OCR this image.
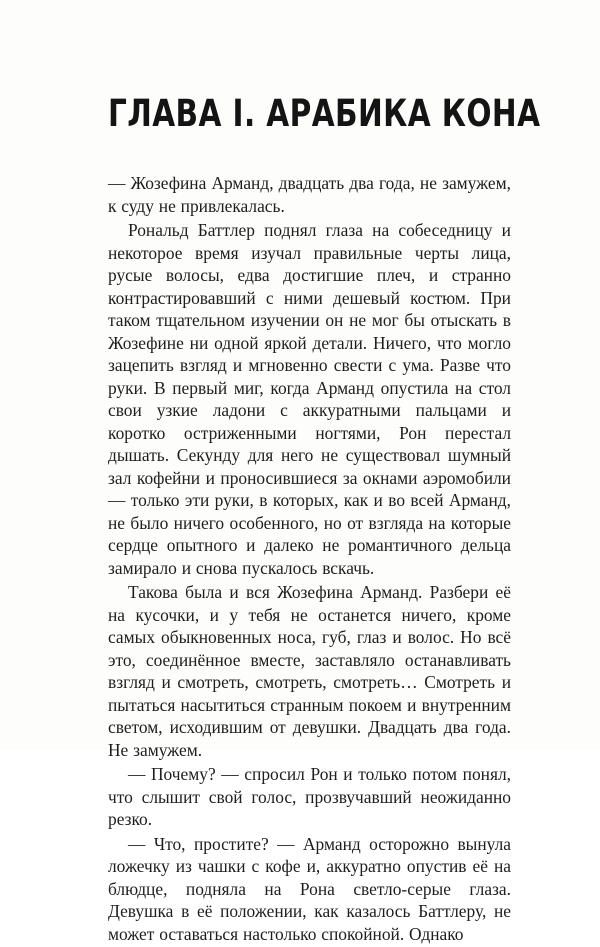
ГЛАВА I. АРАБИКА КОНА

— Жозефина Арманд, двадцать два года, не замужем, к суду не привлекалась.

Рональд Баттлер поднял глаза на собеседницу и некоторое время изучал правильные черты лица, русые волосы, едва достигшие плеч, и странно контрастировавший с ними дешевый костюм. При таком тщательном изучении он не мог бы отыскать в Жозефине ни одной яркой детали. Ничего, что могло зацепить взгляд и мгновенно свести с ума. Разве что руки. В первый миг, когда Арманд опустила на стол свои узкие ладони с аккуратными пальцами и коротко остриженными ногтями, Рон перестал дышать. Секунду для него не существовал шумный зал кофейни и проносившиеся за окнами аэромобили — только эти руки, в которых, как и во всей Арманд, не было ничего особенного, но от взгляда на которые сердце опытного и далеко не романтичного дельца замирало и снова пускалось вскачь.

Такова была и вся Жозефина Арманд. Разбери её на кусочки, и у тебя не останется ничего, кроме самых обыкновенных носа, губ, глаз и волос. Но всё это, соединённое вместе, заставляло останавливать взгляд и смотреть, смотреть, смотреть… Смотреть и пытаться насытиться странным покоем и внутренним светом, исходившим от девушки. Двадцать два года. Не замужем.

— Почему? — спросил Рон и только потом понял, что слышит свой голос, прозвучавший неожиданно резко.

— Что, простите? — Арманд осторожно вынула ложечку из чашки с кофе и, аккуратно опустив её на блюдце, подняла на Рона светло-серые глаза. Девушка в её положении, как казалось Баттлеру, не может оставаться настолько спокойной. Однако
